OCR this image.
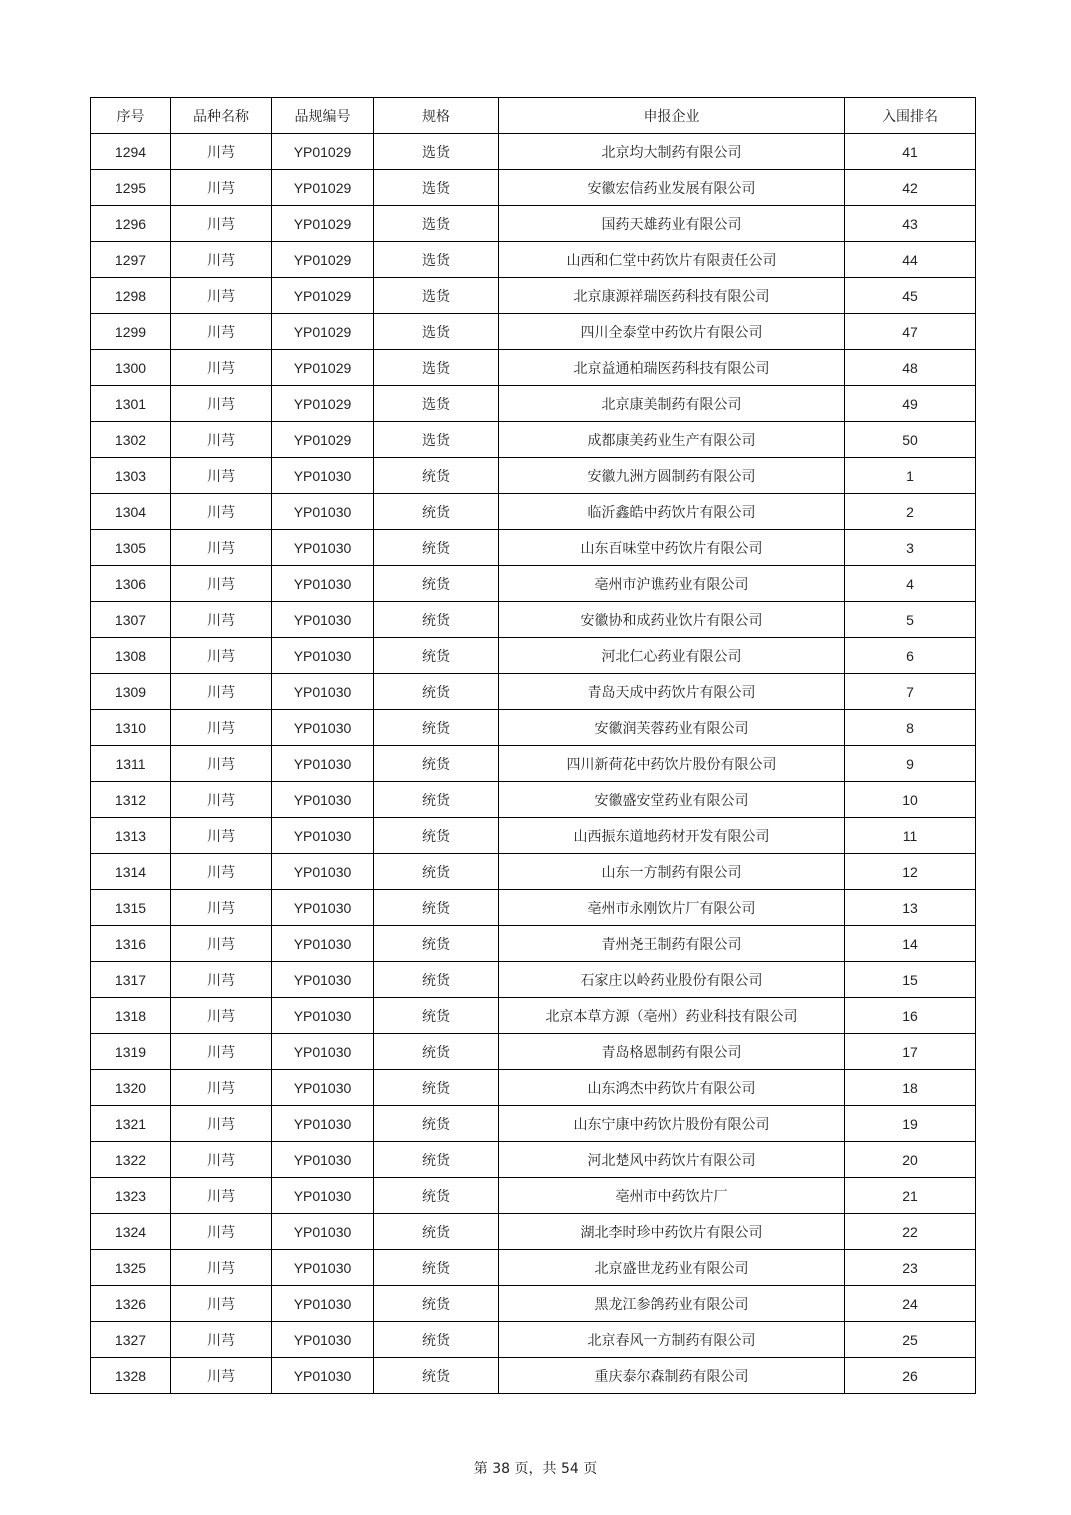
序号	品种名称	品规编号	规格	申报企业	入围排名
1294	川芎	YP01029	选货	北京均大制药有限公司	41
1295	川芎	YP01029	选货	安徽宏信药业发展有限公司	42
1296	川芎	YP01029	选货	国药天雄药业有限公司	43
1297	川芎	YP01029	选货	山西和仁堂中药饮片有限责任公司	44
1298	川芎	YP01029	选货	北京康源祥瑞医药科技有限公司	45
1299	川芎	YP01029	选货	四川全泰堂中药饮片有限公司	47
1300	川芎	YP01029	选货	北京益通柏瑞医药科技有限公司	48
1301	川芎	YP01029	选货	北京康美制药有限公司	49
1302	川芎	YP01029	选货	成都康美药业生产有限公司	50
1303	川芎	YP01030	统货	安徽九洲方圆制药有限公司	1
1304	川芎	YP01030	统货	临沂鑫皓中药饮片有限公司	2
1305	川芎	YP01030	统货	山东百味堂中药饮片有限公司	3
1306	川芎	YP01030	统货	亳州市沪谯药业有限公司	4
1307	川芎	YP01030	统货	安徽协和成药业饮片有限公司	5
1308	川芎	YP01030	统货	河北仁心药业有限公司	6
1309	川芎	YP01030	统货	青岛天成中药饮片有限公司	7
1310	川芎	YP01030	统货	安徽润芙蓉药业有限公司	8
1311	川芎	YP01030	统货	四川新荷花中药饮片股份有限公司	9
1312	川芎	YP01030	统货	安徽盛安堂药业有限公司	10
1313	川芎	YP01030	统货	山西振东道地药材开发有限公司	11
1314	川芎	YP01030	统货	山东一方制药有限公司	12
1315	川芎	YP01030	统货	亳州市永刚饮片厂有限公司	13
1316	川芎	YP01030	统货	青州尧王制药有限公司	14
1317	川芎	YP01030	统货	石家庄以岭药业股份有限公司	15
1318	川芎	YP01030	统货	北京本草方源（亳州）药业科技有限公司	16
1319	川芎	YP01030	统货	青岛格恩制药有限公司	17
1320	川芎	YP01030	统货	山东鸿杰中药饮片有限公司	18
1321	川芎	YP01030	统货	山东宁康中药饮片股份有限公司	19
1322	川芎	YP01030	统货	河北楚风中药饮片有限公司	20
1323	川芎	YP01030	统货	亳州市中药饮片厂	21
1324	川芎	YP01030	统货	湖北李时珍中药饮片有限公司	22
1325	川芎	YP01030	统货	北京盛世龙药业有限公司	23
1326	川芎	YP01030	统货	黑龙江参鸽药业有限公司	24
1327	川芎	YP01030	统货	北京春风一方制药有限公司	25
1328	川芎	YP01030	统货	重庆泰尔森制药有限公司	26
第 38 页，共 54 页
